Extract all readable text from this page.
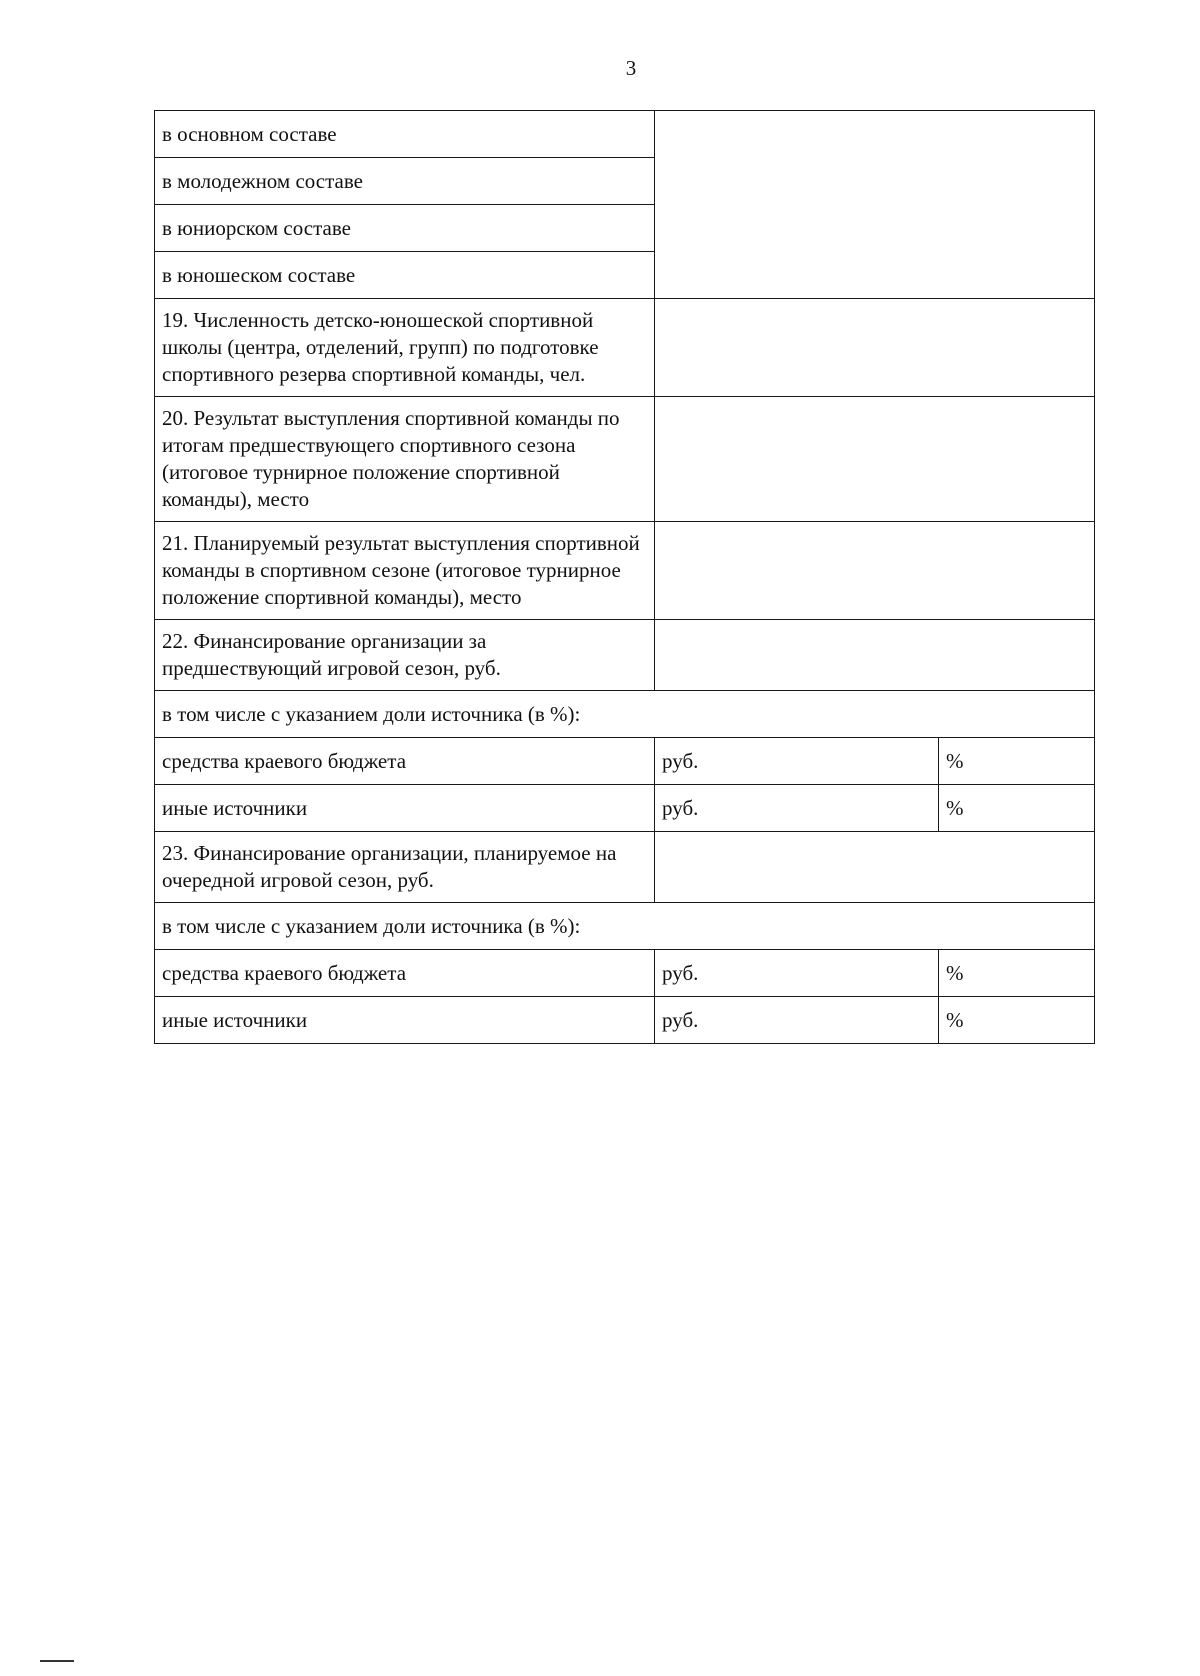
3
в основном составе		
в молодежном составе		
в юниорском составе		
в юношеском составе		
19. Численность детско-юношеской спортивной школы (центра, отделений, групп) по подготовке спортивного резерва спортивной команды, чел.		
20. Результат выступления спортивной команды по итогам предшествующего спортивного сезона (итоговое турнирное положение спортивной команды), место		
21. Планируемый результат выступления спортивной команды в спортивном сезоне (итоговое турнирное положение спортивной команды), место		
22. Финансирование организации за предшествующий игровой сезон, руб.		
в том числе с указанием доли источника (в %):		
средства краевого бюджета	руб.	%
иные источники	руб.	%
23. Финансирование организации, планируемое на очередной игровой сезон, руб.		
в том числе с указанием доли источника (в %):		
средства краевого бюджета	руб.	%
иные источники	руб.	%
